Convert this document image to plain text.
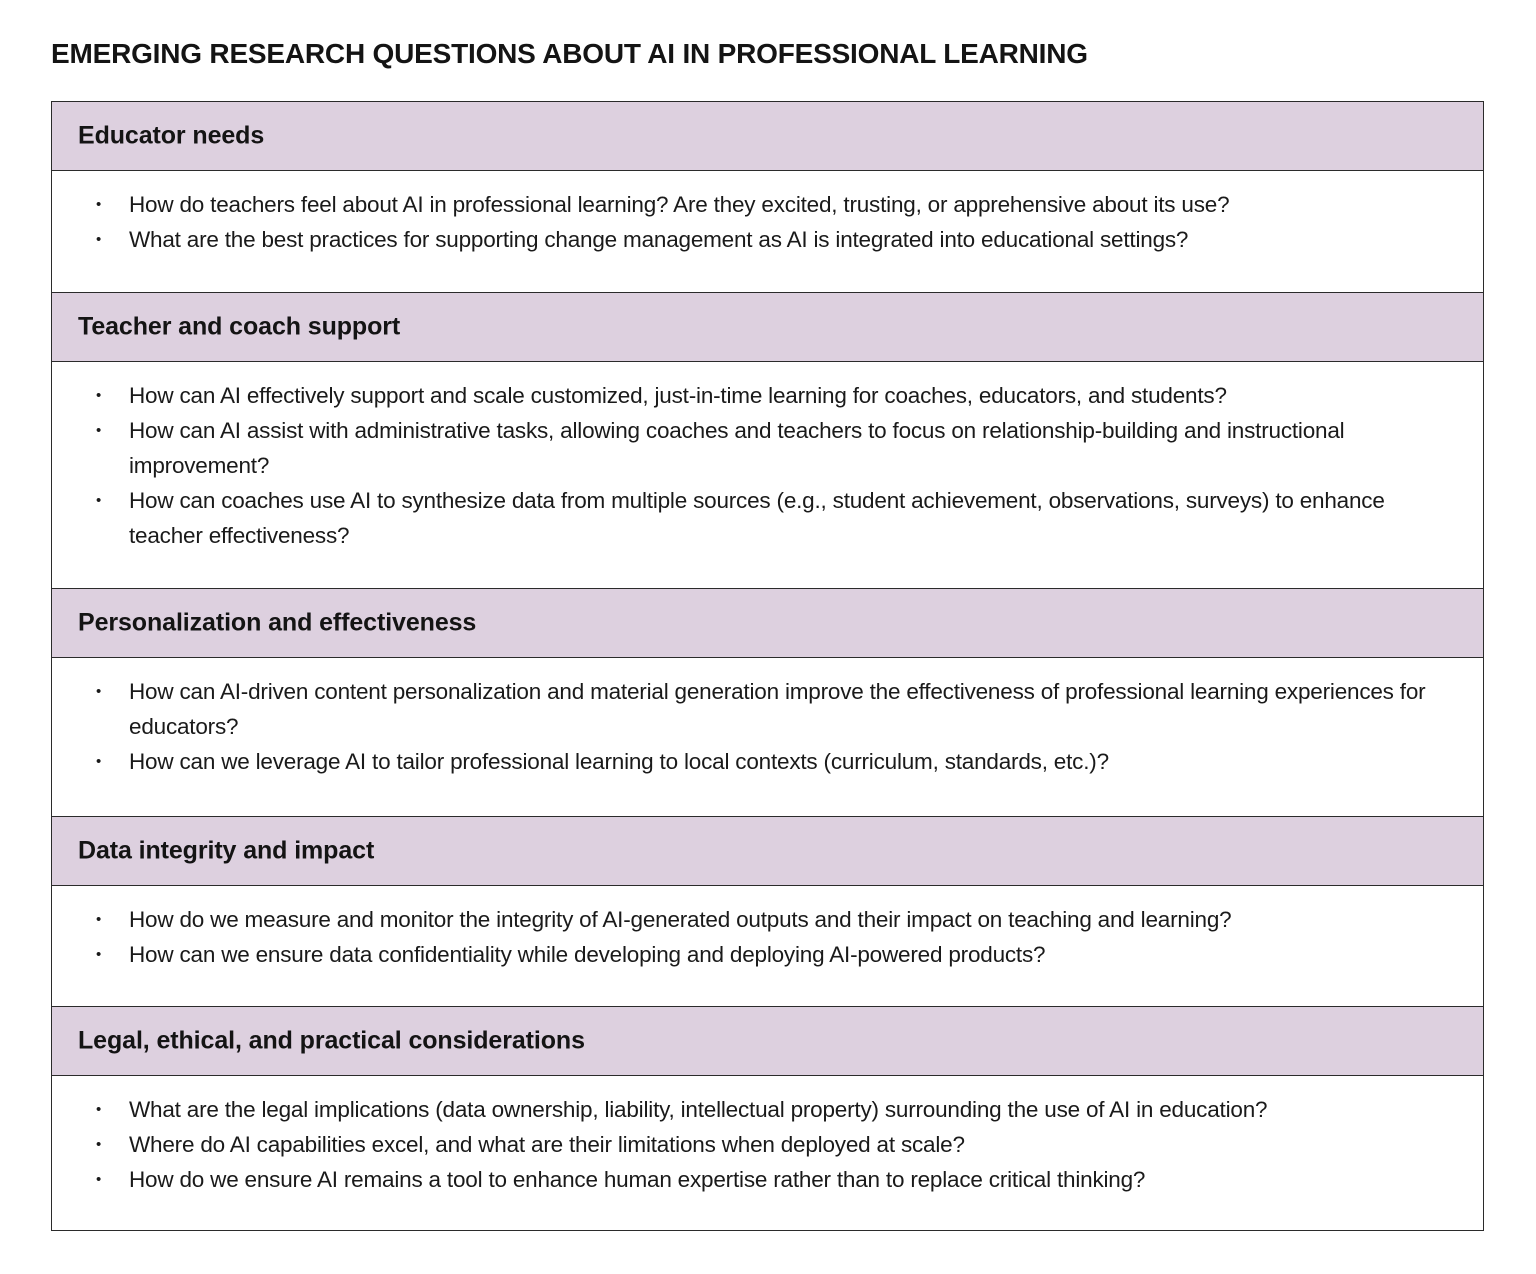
EMERGING RESEARCH QUESTIONS ABOUT AI IN PROFESSIONAL LEARNING
Educator needs
• How do teachers feel about AI in professional learning? Are they excited, trusting, or apprehensive about its use?
• What are the best practices for supporting change management as AI is integrated into educational settings?
Teacher and coach support
• How can AI effectively support and scale customized, just-in-time learning for coaches, educators, and students?
• How can AI assist with administrative tasks, allowing coaches and teachers to focus on relationship-building and instructional improvement?
• How can coaches use AI to synthesize data from multiple sources (e.g., student achievement, observations, surveys) to enhance teacher effectiveness?
Personalization and effectiveness
• How can AI-driven content personalization and material generation improve the effectiveness of professional learning experiences for educators?
• How can we leverage AI to tailor professional learning to local contexts (curriculum, standards, etc.)?
Data integrity and impact
• How do we measure and monitor the integrity of AI-generated outputs and their impact on teaching and learning?
• How can we ensure data confidentiality while developing and deploying AI-powered products?
Legal, ethical, and practical considerations
• What are the legal implications (data ownership, liability, intellectual property) surrounding the use of AI in education?
• Where do AI capabilities excel, and what are their limitations when deployed at scale?
• How do we ensure AI remains a tool to enhance human expertise rather than to replace critical thinking?
